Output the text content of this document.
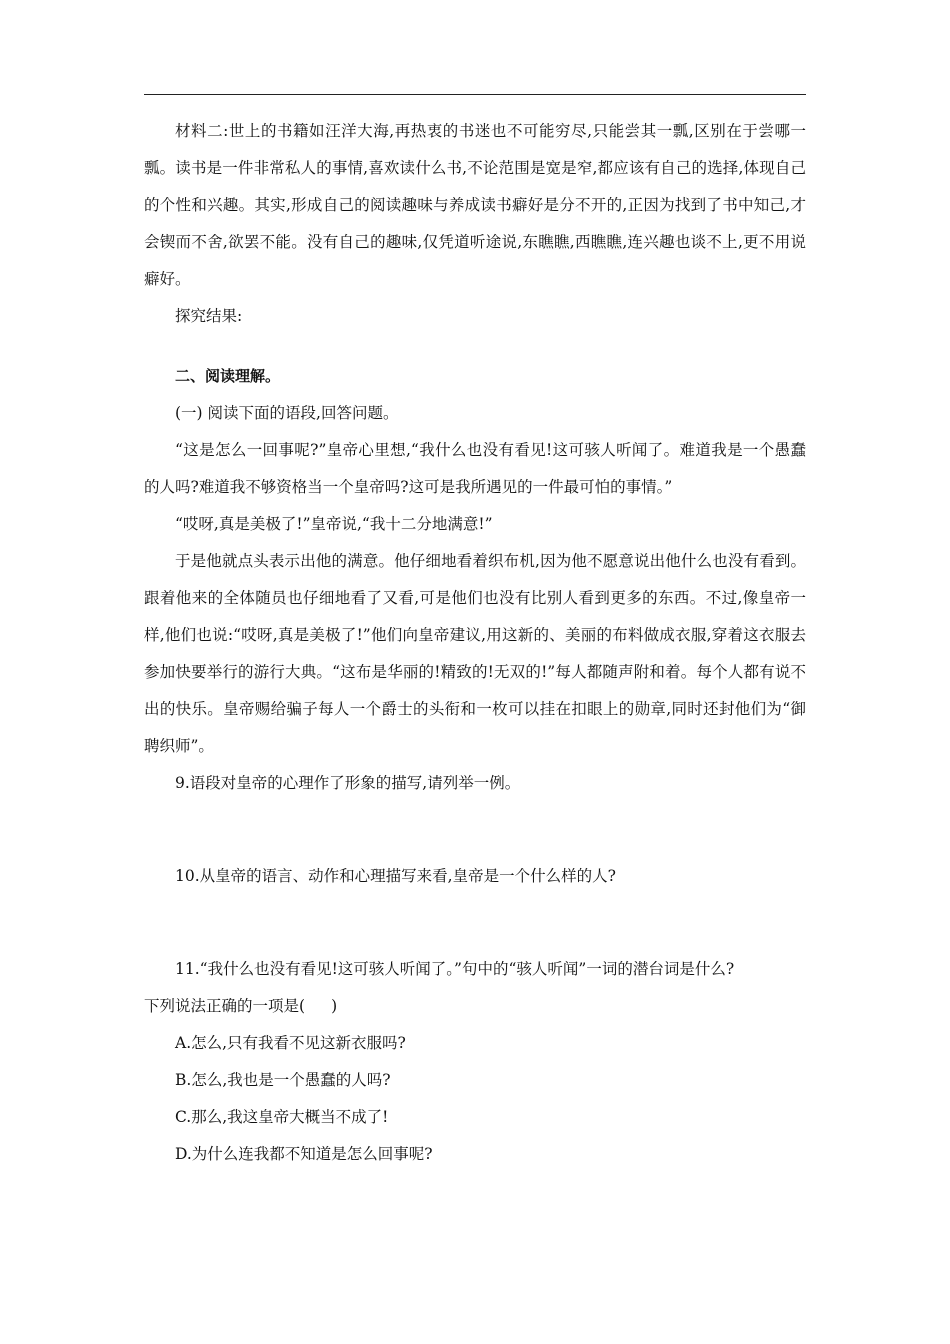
材料二:世上的书籍如汪洋大海,再热衷的书迷也不可能穷尽,只能尝其一瓢,区别在于尝哪一瓢。读书是一件非常私人的事情,喜欢读什么书,不论范围是宽是窄,都应该有自己的选择,体现自己的个性和兴趣。其实,形成自己的阅读趣味与养成读书癖好是分不开的,正因为找到了书中知己,才会锲而不舍,欲罢不能。没有自己的趣味,仅凭道听途说,东瞧瞧,西瞧瞧,连兴趣也谈不上,更不用说癖好。

探究结果:

二、阅读理解。

(一) 阅读下面的语段,回答问题。

“这是怎么一回事呢?”皇帝心里想,“我什么也没有看见!这可骇人听闻了。难道我是一个愚蠢的人吗?难道我不够资格当一个皇帝吗?这可是我所遇见的一件最可怕的事情。”

“哎呀,真是美极了!”皇帝说,“我十二分地满意!”

于是他就点头表示出他的满意。他仔细地看着织布机,因为他不愿意说出他什么也没有看到。跟着他来的全体随员也仔细地看了又看,可是他们也没有比别人看到更多的东西。不过,像皇帝一样,他们也说:“哎呀,真是美极了!”他们向皇帝建议,用这新的、美丽的布料做成衣服,穿着这衣服去参加快要举行的游行大典。“这布是华丽的!精致的!无双的!”每人都随声附和着。每个人都有说不出的快乐。皇帝赐给骗子每人一个爵士的头衔和一枚可以挂在扣眼上的勋章,同时还封他们为“御聘织师”。

9.语段对皇帝的心理作了形象的描写,请列举一例。

10.从皇帝的语言、动作和心理描写来看,皇帝是一个什么样的人?

11.“我什么也没有看见!这可骇人听闻了。”句中的“骇人听闻”一词的潜台词是什么?

下列说法正确的一项是( )

A.怎么,只有我看不见这新衣服吗?

B.怎么,我也是一个愚蠢的人吗?

C.那么,我这皇帝大概当不成了!

D.为什么连我都不知道是怎么回事呢?
